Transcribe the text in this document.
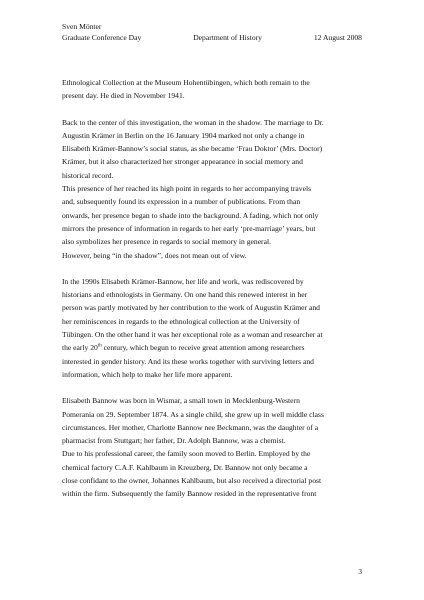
Sven Mönter
Graduate Conference Day	Department of History	12 August 2008

Ethnological Collection at the Museum Hohentübingen, which both remain to the
present day. He died in November 1941.

Back to the center of this investigation, the woman in the shadow. The marriage to Dr.
Augustin Krämer in Berlin on the 16 January 1904 marked not only a change in
Elisabeth Krämer-Bannow’s social status, as she became ‘Frau Doktor’ (Mrs. Doctor)
Krämer, but it also characterized her stronger appearance in social memory and
historical record.
This presence of her reached its high point in regards to her accompanying travels
and, subsequently found its expression in a number of publications. From than
onwards, her presence began to shade into the background. A fading, which not only
mirrors the presence of information in regards to her early ‘pre-marriage’ years, but
also symbolizes her presence in regards to social memory in general.
However, being “in the shadow”, does not mean out of view.

In the 1990s Elisabeth Krämer-Bannow, her life and work, was rediscovered by
historians and ethnologists in Germany. On one hand this renewed interest in her
person was partly motivated by her contribution to the work of Augustin Krämer and
her reminiscences in regards to the ethnological collection at the University of
Tübingen. On the other hand it was her exceptional role as a woman and researcher at
the early 20th century, which begun to receive great attention among researchers
interested in gender history. And its these works together with surviving letters and
information, which help to make her life more apparent.

Elisabeth Bannow was born in Wismar, a small town in Mecklenburg-Western
Pomerania on 29. September 1874. As a single child, she grew up in well middle class
circumstances. Her mother, Charlotte Bannow nee Beckmann, was the daughter of a
pharmacist from Stuttgart; her father, Dr. Adolph Bannow, was a chemist.
Due to his professional career, the family soon moved to Berlin. Employed by the
chemical factory C.A.F. Kahlbaum in Kreuzberg, Dr. Bannow not only became a
close confidant to the owner, Johannes Kahlbaum, but also received a directorial post
within the firm. Subsequently the family Bannow resided in the representative front

3
